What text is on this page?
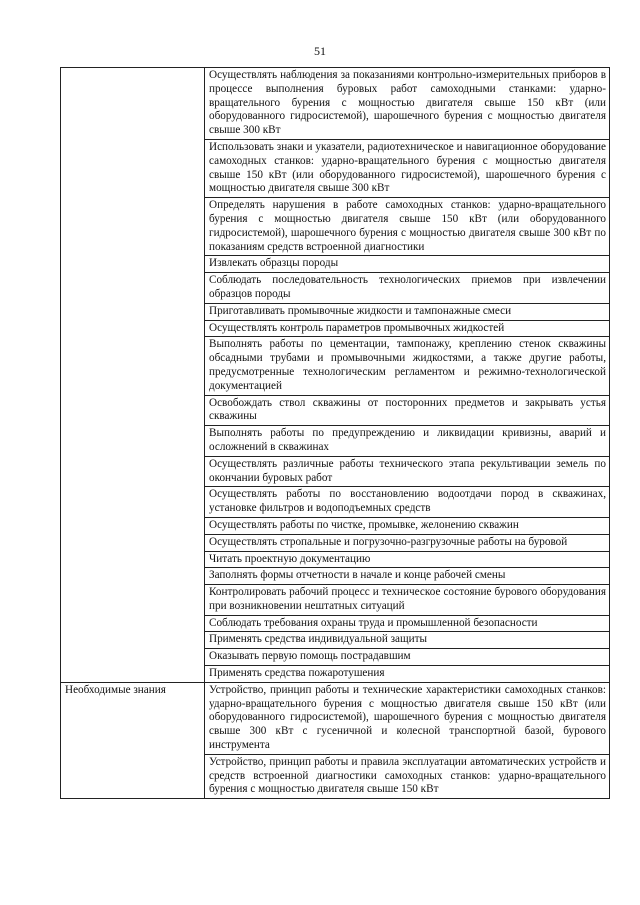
51
	Осуществлять наблюдения за показаниями контрольно-измерительных приборов в процессе выполнения буровых работ самоходными станками: ударно-вращательного бурения с мощностью двигателя свыше 150 кВт (или оборудованного гидросистемой), шарошечного бурения с мощностью двигателя свыше 300 кВт
	Использовать знаки и указатели, радиотехническое и навигационное оборудование самоходных станков: ударно-вращательного бурения с мощностью двигателя свыше 150 кВт (или оборудованного гидросистемой), шарошечного бурения с мощностью двигателя свыше 300 кВт
	Определять нарушения в работе самоходных станков: ударно-вращательного бурения с мощностью двигателя свыше 150 кВт (или оборудованного гидросистемой), шарошечного бурения с мощностью двигателя свыше 300 кВт по показаниям средств встроенной диагностики
	Извлекать образцы породы
	Соблюдать последовательность технологических приемов при извлечении образцов породы
	Приготавливать промывочные жидкости и тампонажные смеси
	Осуществлять контроль параметров промывочных жидкостей
	Выполнять работы по цементации, тампонажу, креплению стенок скважины обсадными трубами и промывочными жидкостями, а также другие работы, предусмотренные технологическим регламентом и режимно-технологической документацией
	Освобождать ствол скважины от посторонних предметов и закрывать устья скважины
	Выполнять работы по предупреждению и ликвидации кривизны, аварий и осложнений в скважинах
	Осуществлять различные работы технического этапа рекультивации земель по окончании буровых работ
	Осуществлять работы по восстановлению водоотдачи пород в скважинах, установке фильтров и водоподъемных средств
	Осуществлять работы по чистке, промывке, желонению скважин
	Осуществлять стропальные и погрузочно-разгрузочные работы на буровой
	Читать проектную документацию
	Заполнять формы отчетности в начале и конце рабочей смены
	Контролировать рабочий процесс и техническое состояние бурового оборудования при возникновении нештатных ситуаций
	Соблюдать требования охраны труда и промышленной безопасности
	Применять средства индивидуальной защиты
	Оказывать первую помощь пострадавшим
	Применять средства пожаротушения
Необходимые знания	Устройство, принцип работы и технические характеристики самоходных станков: ударно-вращательного бурения с мощностью двигателя свыше 150 кВт (или оборудованного гидросистемой), шарошечного бурения с мощностью двигателя свыше 300 кВт с гусеничной и колесной транспортной базой, бурового инструмента
	Устройство, принцип работы и правила эксплуатации автоматических устройств и средств встроенной диагностики самоходных станков: ударно-вращательного бурения с мощностью двигателя свыше 150 кВт
